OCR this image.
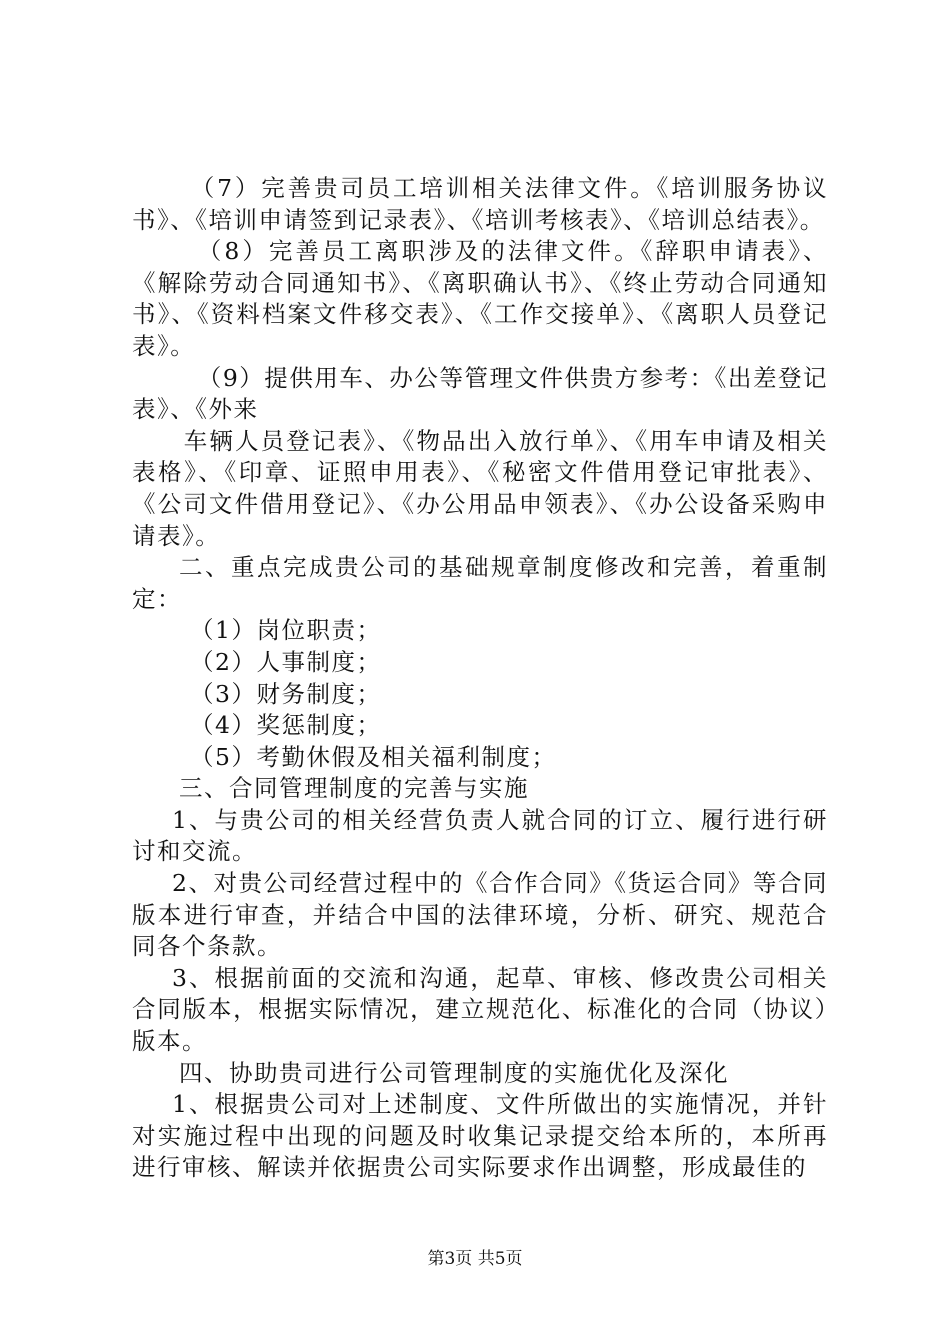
（7）完善贵司员工培训相关法律文件。《培训服务协议书》、《培训申请签到记录表》、《培训考核表》、《培训总结表》。

（8）完善员工离职涉及的法律文件。《辞职申请表》、《解除劳动合同通知书》、《离职确认书》、《终止劳动合同通知书》、《资料档案文件移交表》、《工作交接单》、《离职人员登记表》。

（9）提供用车、办公等管理文件供贵方参考：《出差登记表》、《外来

车辆人员登记表》、《物品出入放行单》、《用车申请及相关表格》、《印章、证照申用表》、《秘密文件借用登记审批表》、《公司文件借用登记》、《办公用品申领表》、《办公设备采购申请表》。

二、重点完成贵公司的基础规章制度修改和完善，着重制定：

（1）岗位职责；

（2）人事制度；

（3）财务制度；

（4）奖惩制度；

（5）考勤休假及相关福利制度；

三、合同管理制度的完善与实施

1、与贵公司的相关经营负责人就合同的订立、履行进行研讨和交流。

2、对贵公司经营过程中的《合作合同》《货运合同》等合同版本进行审查，并结合中国的法律环境，分析、研究、规范合同各个条款。

3、根据前面的交流和沟通，起草、审核、修改贵公司相关合同版本，根据实际情况，建立规范化、标准化的合同（协议）版本。

四、协助贵司进行公司管理制度的实施优化及深化

1、根据贵公司对上述制度、文件所做出的实施情况，并针对实施过程中出现的问题及时收集记录提交给本所的，本所再进行审核、解读并依据贵公司实际要求作出调整，形成最佳的

第3页 共5页
